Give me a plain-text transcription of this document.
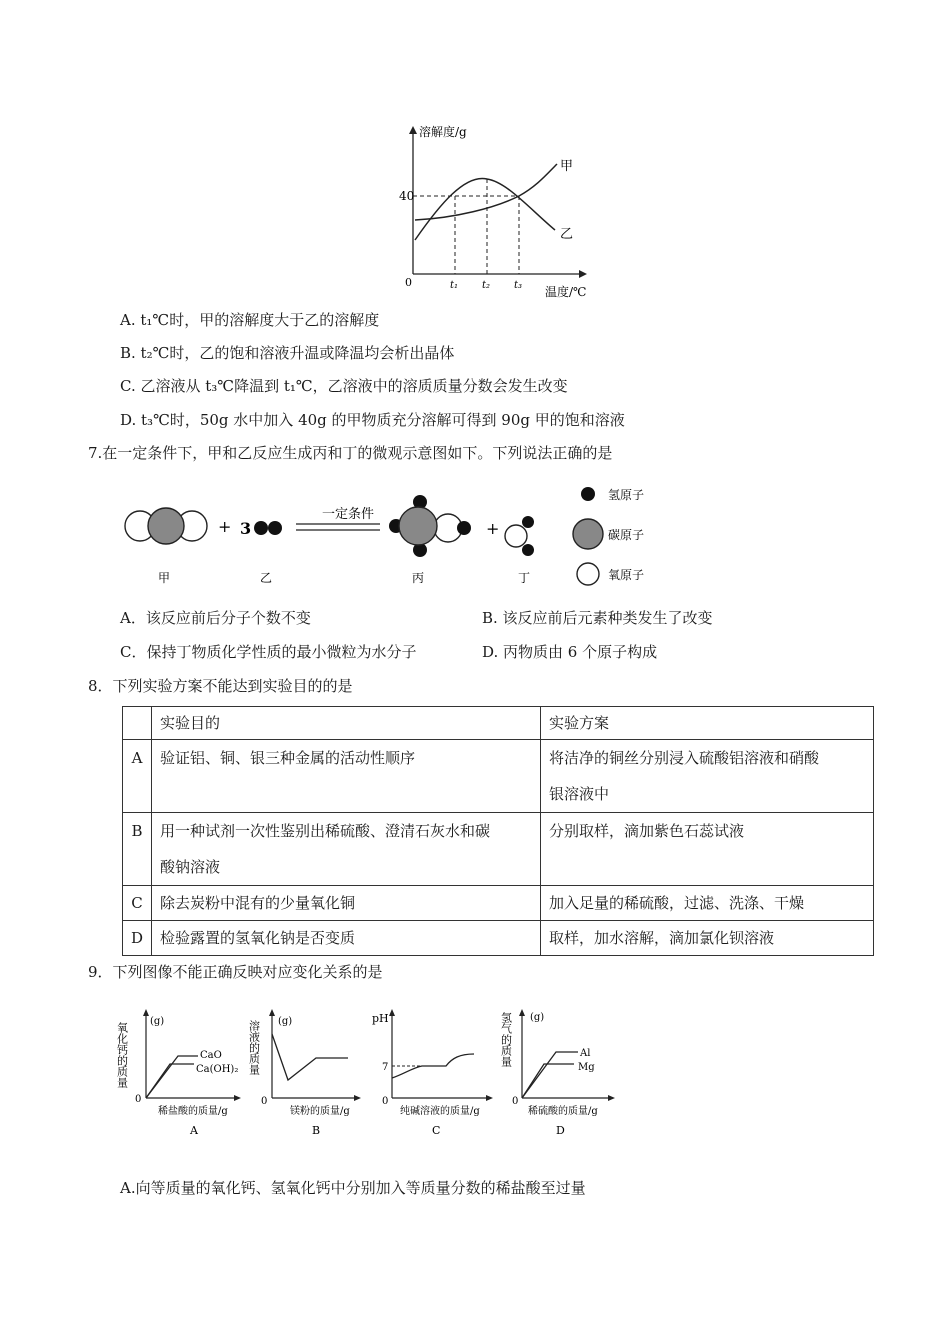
溶解度/g
40
0	t₁ t₂ t₃ 温度/℃
甲
乙
A. t₁℃时，甲的溶解度大于乙的溶解度
B. t₂℃时，乙的饱和溶液升温或降温均会析出晶体
C. 乙溶液从 t₃℃降温到 t₁℃，乙溶液中的溶质质量分数会发生改变
D. t₃℃时，50g 水中加入 40g 的甲物质充分溶解可得到 90g 甲的饱和溶液
7.在一定条件下，甲和乙反应生成丙和丁的微观示意图如下。下列说法正确的是
+ 3
一定条件
+
甲	乙	丙	丁
氢原子
碳原子
氧原子
A．该反应前后分子个数不变	B. 该反应前后元素种类发生了改变
C．保持丁物质化学性质的最小微粒为水分子	D. 丙物质由 6 个原子构成
8．下列实验方案不能达到实验目的的是
	实验目的	实验方案
A	验证铝、铜、银三种金属的活动性顺序	将洁净的铜丝分别浸入硫酸铝溶液和硝酸
银溶液中

B	用一种试剂一次性鉴别出稀硫酸、澄清石灰水和碳
酸钠溶液	分别取样，滴加紫色石蕊试液
C	除去炭粉中混有的少量氧化铜	加入足量的稀硫酸，过滤、洗涤、干燥
D	检验露置的氢氧化钠是否变质	取样，加水溶解，滴加氯化钡溶液
9．下列图像不能正确反映对应变化关系的是
氧化钙的质量
(g)
CaO
Ca(OH)₂
0
稀盐酸的质量/g
A
溶液的质量 (g)
0
镁粉的质量/g
B
pH
7
0
纯碱溶液的质量/g
C
氢气的质量 (g)
Al
Mg
0
稀硫酸的质量/g
D
A.向等质量的氧化钙、氢氧化钙中分别加入等质量分数的稀盐酸至过量
